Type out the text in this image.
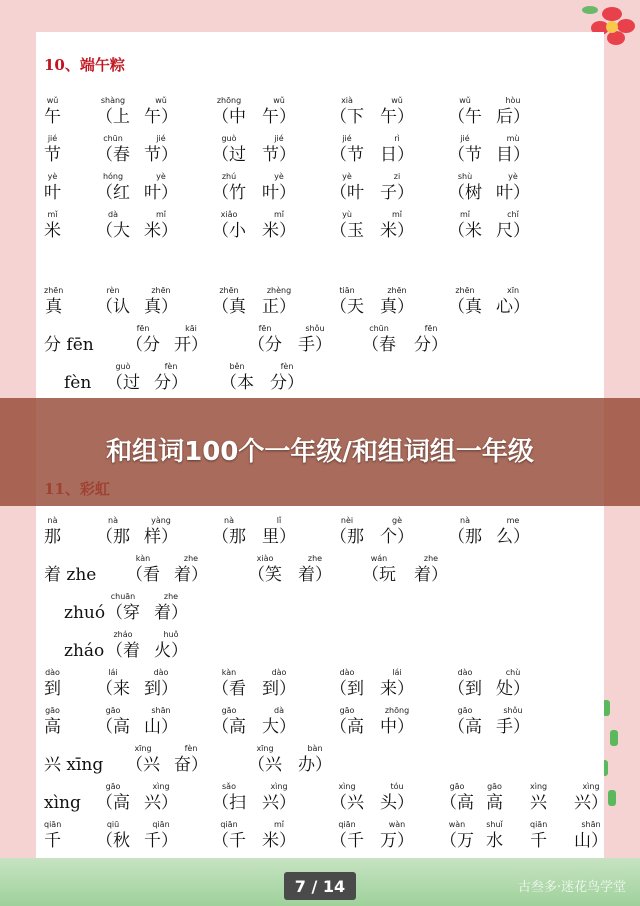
10、端午粽
wǔ
午
shàng
（上
wǔ
午）
zhōng
（中
wǔ
午）
xià
（下
wǔ
午）
wǔ
（午
hòu
后）
jié
节
chūn
（春
jié
节）
guò
（过
jié
节）
jié
（节
rì
日）
jié
（节
mù
目）
yè
叶
hóng
（红
yè
叶）
zhú
（竹
yè
叶）
yè
（叶
zi
子）
shù
（树
yè
叶）
mǐ
米
dà
（大
mǐ
米）
xiǎo
（小
mǐ
米）
yù
（玉
mǐ
米）
mǐ
（米
chǐ
尺）
zhēn
真
rèn
（认
zhēn
真）
zhēn
（真
zhèng
正）
tiān
（天
zhēn
真）
zhēn
（真
xīn
心）
分 fēn
fēn
（分
kāi
开）
fēn
（分
shǒu
手）
chūn
（春
fēn
分）
fèn
guò
（过
fèn
分）
běn
（本
fèn
分）
nà
那
nà
（那
yàng
样）
nà
（那
lǐ
里）
nèi
（那
gè
个）
nà
（那
me
么）
着 zhe
kàn
（看
zhe
着）
xiào
（笑
zhe
着）
wán
（玩
zhe
着）
zhuó
chuān
（穿
zhe
着）
zháo
zháo
（着
huǒ
火）
dào
到
lái
（来
dào
到）
kàn
（看
dào
到）
dào
（到
lái
来）
dào
（到
chù
处）
gāo
高
gāo
（高
shān
山）
gāo
（高
dà
大）
gāo
（高
zhōng
中）
gāo
（高
shǒu
手）
兴 xīng
xīng
（兴
fèn
奋）
xīng
（兴
bàn
办）
xìng
gāo
（高
xìng
兴）
sǎo
（扫
xìng
兴）
xìng
（兴
tóu
头）
gāo
（高
gāo
高
xìng
兴
xìng
兴）
qiān
千
qiū
（秋
qiān
千）
qiān
（千
mǐ
米）
qiān
（千
wàn
万）
wàn
（万
shuǐ
水
qiān
千
shān
山）
和组词100个一年级/和组词组一年级
7 / 14	古叁多·迷花鸟学堂
